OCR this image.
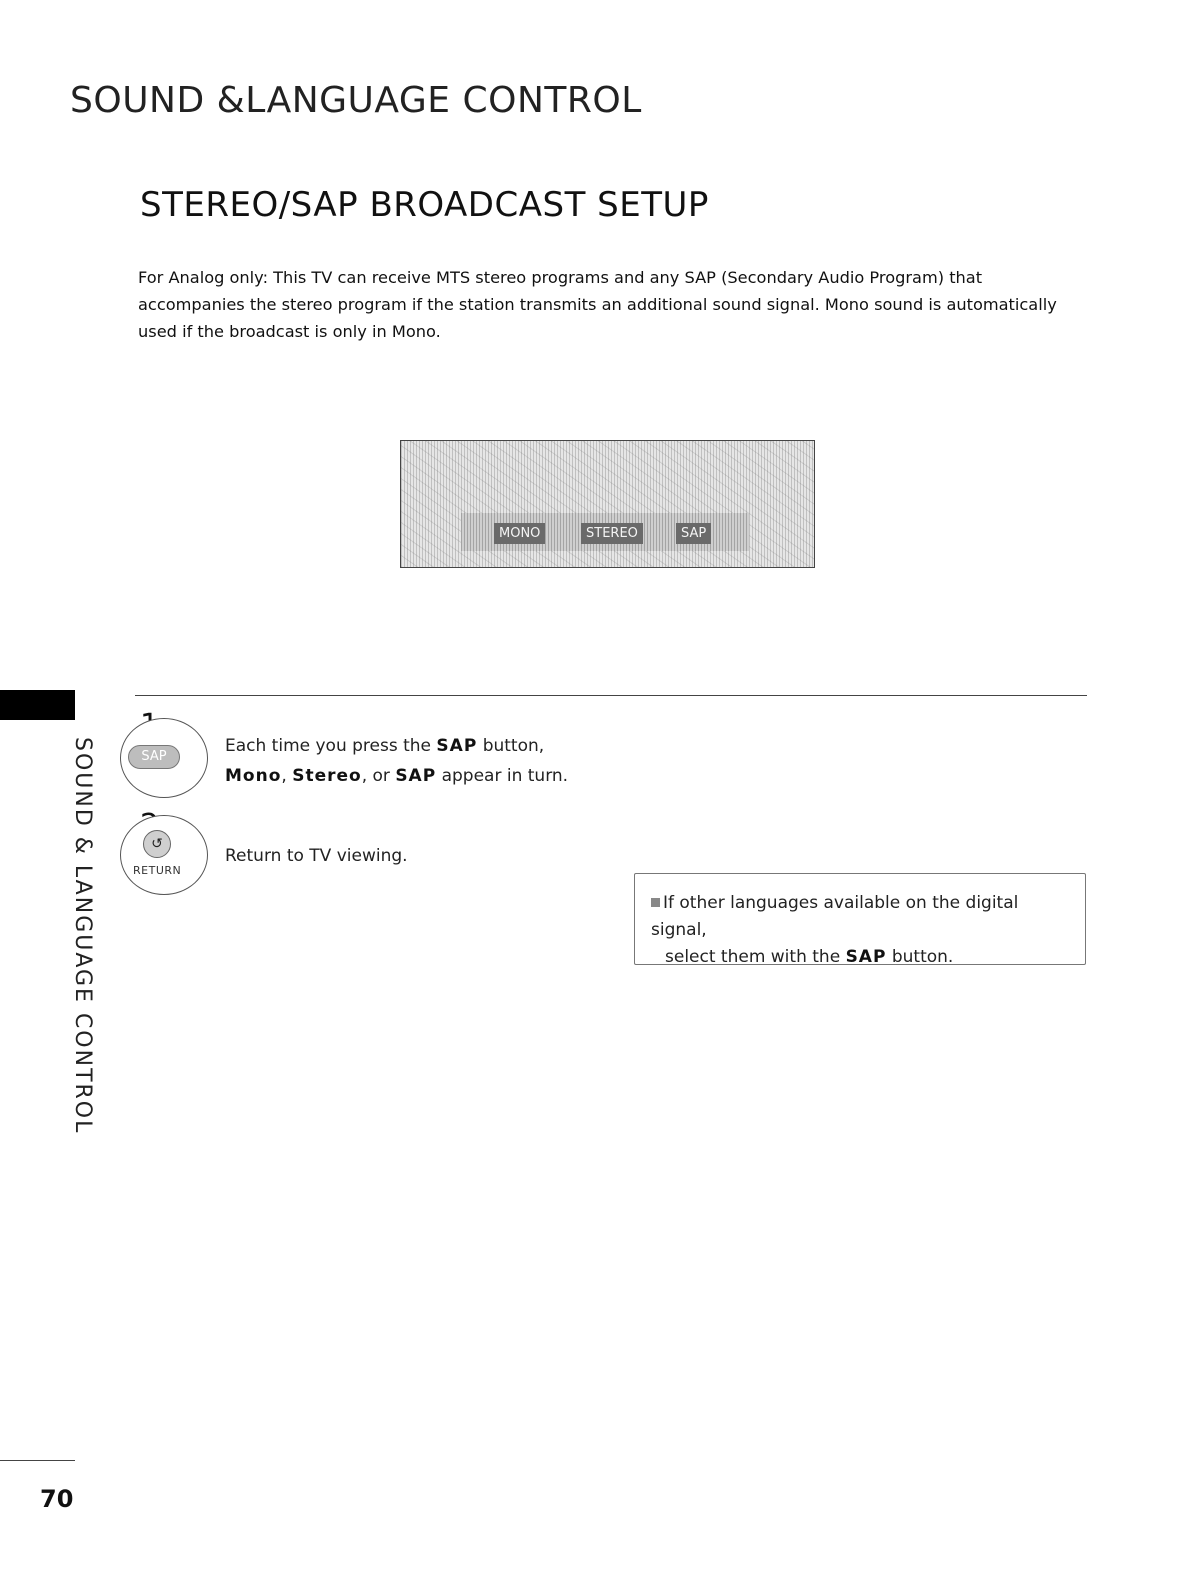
SOUND &LANGUAGE CONTROL
STEREO/SAP BROADCAST SETUP

For Analog only: This TV can receive MTS stereo programs and any SAP (Secondary Audio Program) that accompanies the stereo program if the station transmits an additional sound signal. Mono sound is automatically used if the broadcast is only in Mono.

MONO	STEREO	SAP
SOUND & LANGUAGE CONTROL	SAP

Each time you press the SAP button,
Mono, Stereo, or SAP appear in turn.

↺
RETURN

Return to TV viewing.

If other languages available on the digital signal,
select them with the SAP button.

70
